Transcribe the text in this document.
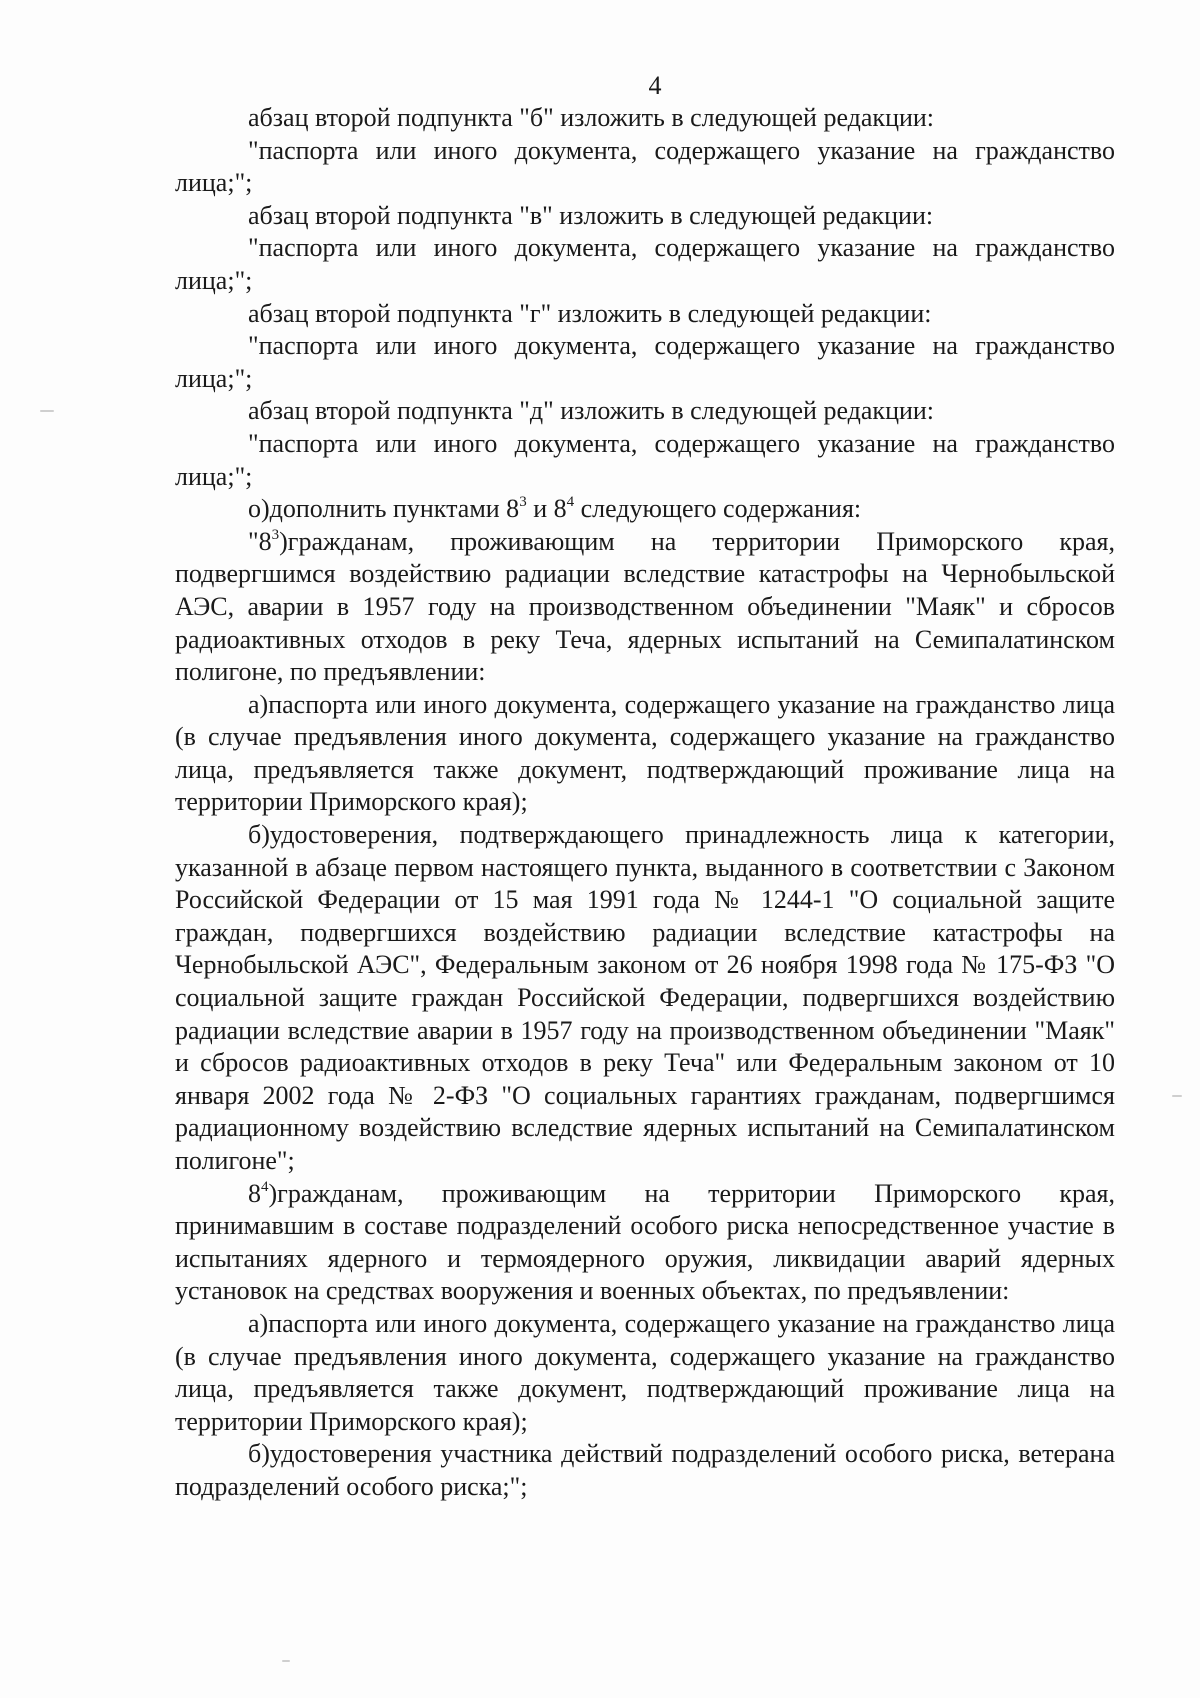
4

абзац второй подпункта "б" изложить в следующей редакции:

"паспорта или иного документа, содержащего указание на гражданство лица;";

абзац второй подпункта "в" изложить в следующей редакции:

"паспорта или иного документа, содержащего указание на гражданство лица;";

абзац второй подпункта "г" изложить в следующей редакции:

"паспорта или иного документа, содержащего указание на гражданство лица;";

абзац второй подпункта "д" изложить в следующей редакции:

"паспорта или иного документа, содержащего указание на гражданство лица;";

о)дополнить пунктами $8^3$ и $8^4$ следующего содержания:

"$8^3)гражданам$, проживающим на территории Приморского края, подвергшимся воздействию радиации вследствие катастрофы на Чернобыльской АЭС, аварии в 1957 году на производственном объединении "Маяк" и сбросов радиоактивных отходов в реку Теча, ядерных испытаний на Семипалатинском полигоне, по предъявлении:

а)паспорта или иного документа, содержащего указание на гражданство лица (в случае предъявления иного документа, содержащего указание на гражданство лица, предъявляется также документ, подтверждающий проживание лица на территории Приморского края);

б)удостоверения, подтверждающего принадлежность лица к категории, указанной в абзаце первом настоящего пункта, выданного в соответствии с Законом Российской Федерации от 15 мая 1991 года № 1244-1 "О социальной защите граждан, подвергшихся воздействию радиации вследствие катастрофы на Чернобыльской АЭС", Федеральным законом от 26 ноября 1998 года № 175-ФЗ "О социальной защите граждан Российской Федерации, подвергшихся воздействию радиации вследствие аварии в 1957 году на производственном объединении "Маяк" и сбросов радиоактивных отходов в реку Теча" или Федеральным законом от 10 января 2002 года № 2-ФЗ "О социальных гарантиях гражданам, подвергшимся радиационному воздействию вследствие ядерных испытаний на Семипалатинском полигоне";

$8^4)гражданам$, проживающим на территории Приморского края, принимавшим в составе подразделений особого риска непосредственное участие в испытаниях ядерного и термоядерного оружия, ликвидации аварий ядерных установок на средствах вооружения и военных объектах, по предъявлении:

а)паспорта или иного документа, содержащего указание на гражданство лица (в случае предъявления иного документа, содержащего указание на гражданство лица, предъявляется также документ, подтверждающий проживание лица на территории Приморского края);

б)удостоверения участника действий подразделений особого риска, ветерана подразделений особого риска;";
